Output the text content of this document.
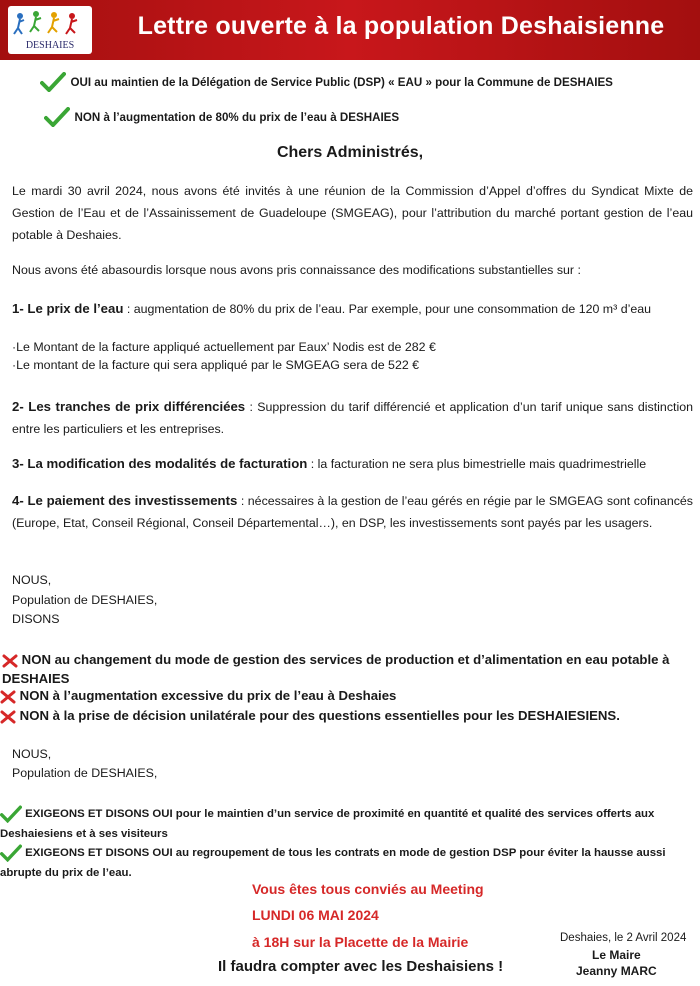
DESHAIES
Lettre ouverte à la population Deshaisienne
OUI au maintien de la Délégation de Service Public (DSP) « EAU » pour la Commune de DESHAIES
NON à l’augmentation de 80% du prix de l’eau à DESHAIES
Chers Administrés,
Le mardi 30 avril 2024, nous avons été invités à une réunion de la Commission d’Appel d’offres du Syndicat Mixte de Gestion de l’Eau et de l’Assainissement de Guadeloupe (SMGEAG), pour l’attribution du marché portant gestion de l’eau potable à Deshaies.
Nous avons été abasourdis lorsque nous avons pris connaissance des modifications substantielles sur :
1- Le prix de l’eau : augmentation de 80% du prix de l’eau. Par exemple, pour une consommation de 120 m³ d’eau
·Le Montant de la facture appliqué actuellement par Eaux’ Nodis est de 282 €
·Le montant de la facture qui sera appliqué par le SMGEAG sera de 522 €
2- Les tranches de prix différenciées : Suppression du tarif différencié et application d’un tarif unique sans distinction entre les particuliers et les entreprises.
3- La modification des modalités de facturation : la facturation ne sera plus bimestrielle mais quadrimestrielle
4- Le paiement des investissements : nécessaires à la gestion de l’eau gérés en régie par le SMGEAG sont cofinancés (Europe, Etat, Conseil Régional, Conseil Départemental…), en DSP, les investissements sont payés par les usagers.
NOUS,
Population de DESHAIES,
DISONS
NON au changement du mode de gestion des services de production et d’alimentation en eau potable à DESHAIES
NON à l’augmentation excessive du prix de l’eau à Deshaies
NON à la prise de décision unilatérale pour des questions essentielles pour les DESHAIESIENS.
NOUS,
Population de DESHAIES,
EXIGEONS ET DISONS OUI pour le maintien d’un service de proximité en quantité et qualité des services offerts aux Deshaiesiens et à ses visiteurs
EXIGEONS ET DISONS OUI au regroupement de tous les contrats en mode de gestion DSP pour éviter la hausse aussi abrupte du prix de l’eau.
Vous êtes tous conviés au Meeting
LUNDI 06 MAI 2024
à 18H sur la Placette de la Mairie
Il faudra compter avec les Deshaisiens !
Deshaies, le 2 Avril 2024
Le Maire
Jeanny MARC
